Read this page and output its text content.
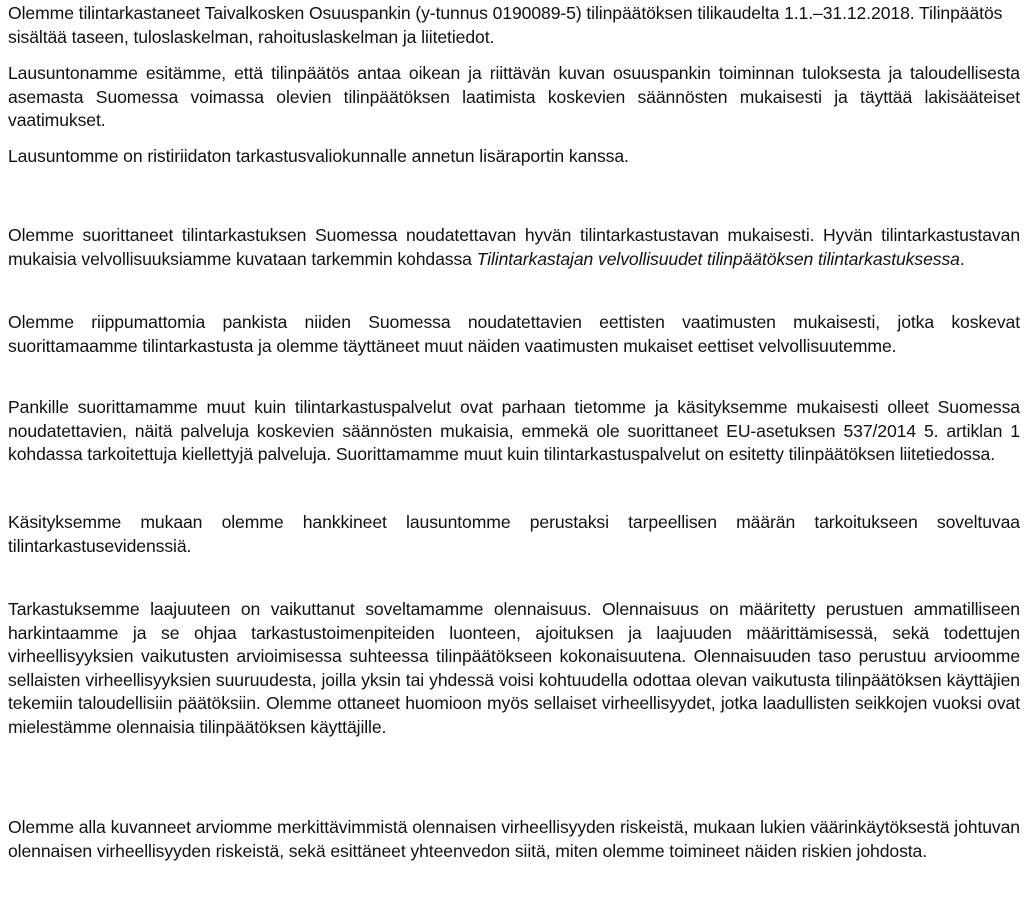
Olemme tilintarkastaneet Taivalkosken Osuuspankin (y-tunnus 0190089-5) tilinpäätöksen tilikaudelta 1.1.–31.12.2018. Tilinpäätös sisältää taseen, tuloslaskelman, rahoituslaskelman ja liitetiedot.

Lausuntonamme esitämme, että tilinpäätös antaa oikean ja riittävän kuvan osuuspankin toiminnan tuloksesta ja taloudellisesta asemasta Suomessa voimassa olevien tilinpäätöksen laatimista koskevien säännösten mukaisesti ja täyttää lakisääteiset vaatimukset.

Lausuntomme on ristiriidaton tarkastusvaliokunnalle annetun lisäraportin kanssa.

Olemme suorittaneet tilintarkastuksen Suomessa noudatettavan hyvän tilintarkastustavan mukaisesti. Hyvän tilintarkastustavan mukaisia velvollisuuksiamme kuvataan tarkemmin kohdassa Tilintarkastajan velvollisuudet tilinpäätöksen tilintarkastuksessa.

Olemme riippumattomia pankista niiden Suomessa noudatettavien eettisten vaatimusten mukaisesti, jotka koskevat suorittamaamme tilintarkastusta ja olemme täyttäneet muut näiden vaatimusten mukaiset eettiset velvollisuutemme.

Pankille suorittamamme muut kuin tilintarkastuspalvelut ovat parhaan tietomme ja käsityksemme mukaisesti olleet Suomessa noudatettavien, näitä palveluja koskevien säännösten mukaisia, emmekä ole suorittaneet EU-asetuksen 537/2014 5. artiklan 1 kohdassa tarkoitettuja kiellettyjä palveluja. Suorittamamme muut kuin tilintarkastuspalvelut on esitetty tilinpäätöksen liitetiedossa.

Käsityksemme mukaan olemme hankkineet lausuntomme perustaksi tarpeellisen määrän tarkoitukseen soveltuvaa tilintarkastusevidenssiä.

Tarkastuksemme laajuuteen on vaikuttanut soveltamamme olennaisuus. Olennaisuus on määritetty perustuen ammatilliseen harkintaamme ja se ohjaa tarkastustoimenpiteiden luonteen, ajoituksen ja laajuuden määrittämisessä, sekä todettujen virheellisyyksien vaikutusten arvioimisessa suhteessa tilinpäätökseen kokonaisuutena. Olennaisuuden taso perustuu arvioomme sellaisten virheellisyyksien suuruudesta, joilla yksin tai yhdessä voisi kohtuudella odottaa olevan vaikutusta tilinpäätöksen käyttäjien tekemiin taloudellisiin päätöksiin. Olemme ottaneet huomioon myös sellaiset virheellisyydet, jotka laadullisten seikkojen vuoksi ovat mielestämme olennaisia tilinpäätöksen käyttäjille.

Olemme alla kuvanneet arviomme merkittävimmistä olennaisen virheellisyyden riskeistä, mukaan lukien väärinkäytöksestä johtuvan olennaisen virheellisyyden riskeistä, sekä esittäneet yhteenvedon siitä, miten olemme toimineet näiden riskien johdosta.
